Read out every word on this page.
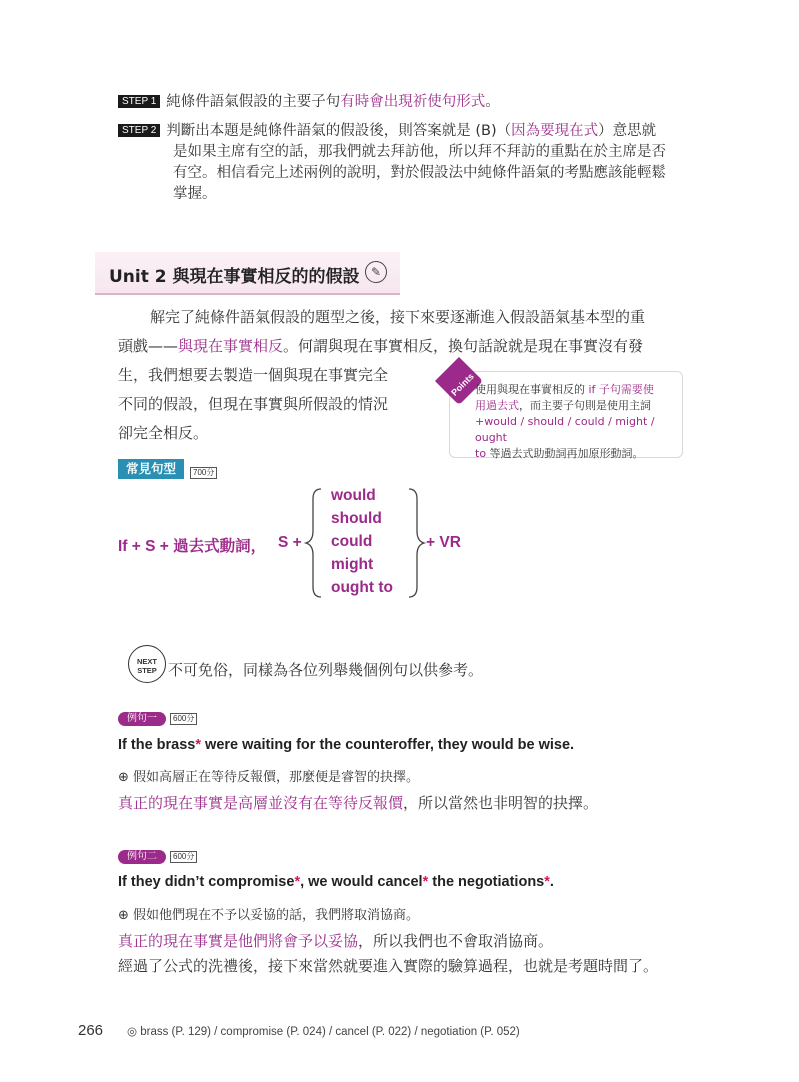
STEP 1 純條件語氣假設的主要子句有時會出現祈使句形式。
STEP 2 判斷出本題是純條件語氣的假設後，則答案就是 (B)（因為要現在式）意思就
是如果主席有空的話，那我們就去拜訪他，所以拜不拜訪的重點在於主席是否
有空。相信看完上述兩例的說明，對於假設法中純條件語氣的考點應該能輕鬆
掌握。
Unit 2 與現在事實相反的的假設 ✎
解完了純條件語氣假設的題型之後，接下來要逐漸進入假設語氣基本型的重
頭戲——與現在事實相反。何謂與現在事實相反，換句話說就是現在事實沒有發
生，我們想要去製造一個與現在事實完全
不同的假設，但現在事實與所假設的情況
卻完全相反。
Points 使用與現在事實相反的 if 子句需要使
用過去式，而主要子句則是使用主詞
+would / should / could / might / ought
to 等過去式助動詞再加原形動詞。
常見句型	700分
If + S + 過去式動詞， S +
would
should
could
might
ought to
+ VR
NEXT
STEP 不可免俗，同樣為各位列舉幾個例句以供參考。
例句一	600分
If the brass* were waiting for the counteroffer, they would be wise.
⊕ 假如高層正在等待反報價，那麼便是睿智的抉擇。
真正的現在事實是高層並沒有在等待反報價，所以當然也非明智的抉擇。
例句二	600分
If they didn’t compromise*, we would cancel* the negotiations*.
⊕ 假如他們現在不予以妥協的話，我們將取消協商。
真正的現在事實是他們將會予以妥協，所以我們也不會取消協商。
經過了公式的洗禮後，接下來當然就要進入實際的驗算過程，也就是考題時間了。
266 ◎ brass (P. 129) / compromise (P. 024) / cancel (P. 022) / negotiation (P. 052)
